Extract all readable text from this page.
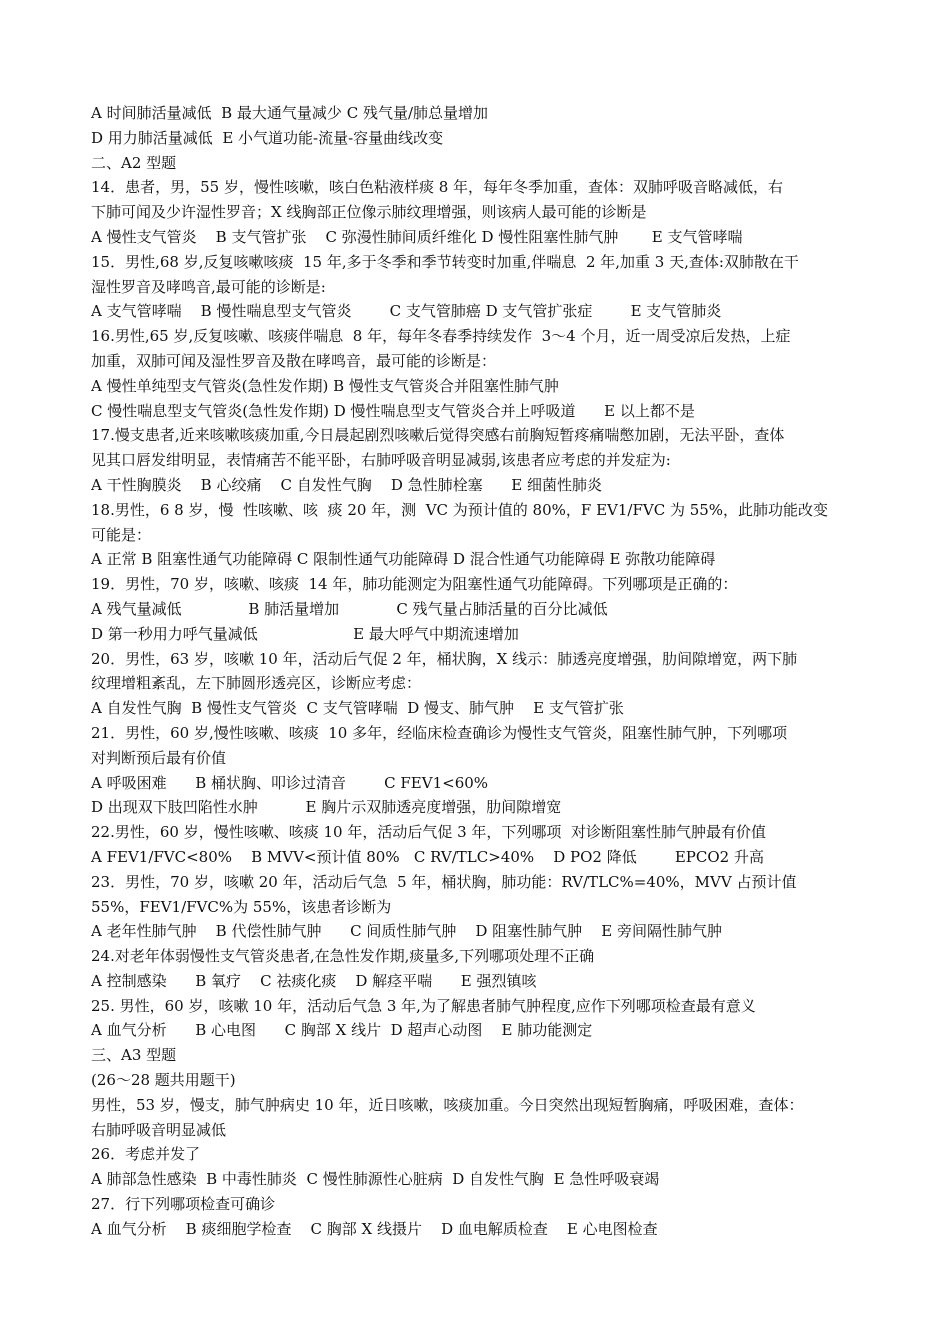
A 时间肺活量减低  B 最大通气量减少 C 残气量/肺总量增加
D 用力肺活量减低  E 小气道功能-流量-容量曲线改变
二、A2 型题
14．患者，男，55 岁，慢性咳嗽，咳白色粘液样痰 8 年，每年冬季加重，查体：双肺呼吸音略减低，右
下肺可闻及少许湿性罗音；X 线胸部正位像示肺纹理增强，则该病人最可能的诊断是
A 慢性支气管炎    B 支气管扩张    C 弥漫性肺间质纤维化 D 慢性阻塞性肺气肿       E 支气管哮喘
15．男性,68 岁,反复咳嗽咳痰  15 年,多于冬季和季节转变时加重,伴喘息  2 年,加重 3 天,查体:双肺散在干
湿性罗音及哮鸣音,最可能的诊断是:
A 支气管哮喘    B 慢性喘息型支气管炎        C 支气管肺癌 D 支气管扩张症        E 支气管肺炎
16.男性,65 岁,反复咳嗽、咳痰伴喘息  8 年，每年冬春季持续发作  3～4 个月，近一周受凉后发热，上症
加重，双肺可闻及湿性罗音及散在哮鸣音，最可能的诊断是：
A 慢性单纯型支气管炎(急性发作期) B 慢性支气管炎合并阻塞性肺气肿
C 慢性喘息型支气管炎(急性发作期) D 慢性喘息型支气管炎合并上呼吸道      E 以上都不是
17.慢支患者,近来咳嗽咳痰加重,今日晨起剧烈咳嗽后觉得突感右前胸短暂疼痛喘憋加剧，无法平卧，查体
见其口唇发绀明显，表情痛苦不能平卧，右肺呼吸音明显减弱,该患者应考虑的并发症为:
A 干性胸膜炎    B 心绞痛    C 自发性气胸    D 急性肺栓塞      E 细菌性肺炎
18.男性，6 8 岁，慢  性咳嗽、咳  痰 20 年，测  VC 为预计值的 80%，F EV1/FVC 为 55%，此肺功能改变
可能是：
A 正常 B 阻塞性通气功能障碍 C 限制性通气功能障碍 D 混合性通气功能障碍 E 弥散功能障碍
19．男性，70 岁，咳嗽、咳痰  14 年，肺功能测定为阻塞性通气功能障碍。下列哪项是正确的：
A 残气量减低              B 肺活量增加            C 残气量占肺活量的百分比减低
D 第一秒用力呼气量减低                    E 最大呼气中期流速增加
20．男性，63 岁，咳嗽 10 年，活动后气促 2 年，桶状胸，X 线示：肺透亮度增强，肋间隙增宽，两下肺
纹理增粗紊乱，左下肺圆形透亮区，诊断应考虑：
A 自发性气胸  B 慢性支气管炎  C 支气管哮喘  D 慢支、肺气肿    E 支气管扩张
21．男性，60 岁,慢性咳嗽、咳痰  10 多年，经临床检查确诊为慢性支气管炎，阻塞性肺气肿，下列哪项
对判断预后最有价值
A 呼吸困难      B 桶状胸、叩诊过清音        C FEV1<60%
D 出现双下肢凹陷性水肿          E 胸片示双肺透亮度增强，肋间隙增宽
22.男性，60 岁，慢性咳嗽、咳痰 10 年，活动后气促 3 年，下列哪项  对诊断阻塞性肺气肿最有价值
A FEV1/FVC<80%    B MVV<预计值 80%   C RV/TLC>40%    D PO2 降低        EPCO2 升高
23．男性，70 岁，咳嗽 20 年，活动后气急  5 年，桶状胸，肺功能：RV/TLC%=40%，MVV 占预计值
55%，FEV1/FVC%为 55%，该患者诊断为
A 老年性肺气肿    B 代偿性肺气肿      C 间质性肺气肿    D 阻塞性肺气肿    E 旁间隔性肺气肿
24.对老年体弱慢性支气管炎患者,在急性发作期,痰量多,下列哪项处理不正确
A 控制感染      B 氧疗    C 祛痰化痰    D 解痉平喘      E 强烈镇咳
25. 男性，60 岁，咳嗽 10 年，活动后气急 3 年,为了解患者肺气肿程度,应作下列哪项检查最有意义
A 血气分析      B 心电图      C 胸部 X 线片  D 超声心动图    E 肺功能测定
三、A3 型题
(26～28 题共用题干)
男性，53 岁，慢支，肺气肿病史 10 年，近日咳嗽，咳痰加重。今日突然出现短暂胸痛，呼吸困难，查体：
右肺呼吸音明显减低
26．考虑并发了
A 肺部急性感染  B 中毒性肺炎  C 慢性肺源性心脏病  D 自发性气胸  E 急性呼吸衰竭
27．行下列哪项检查可确诊
A 血气分析    B 痰细胞学检查    C 胸部 X 线摄片    D 血电解质检查    E 心电图检查
